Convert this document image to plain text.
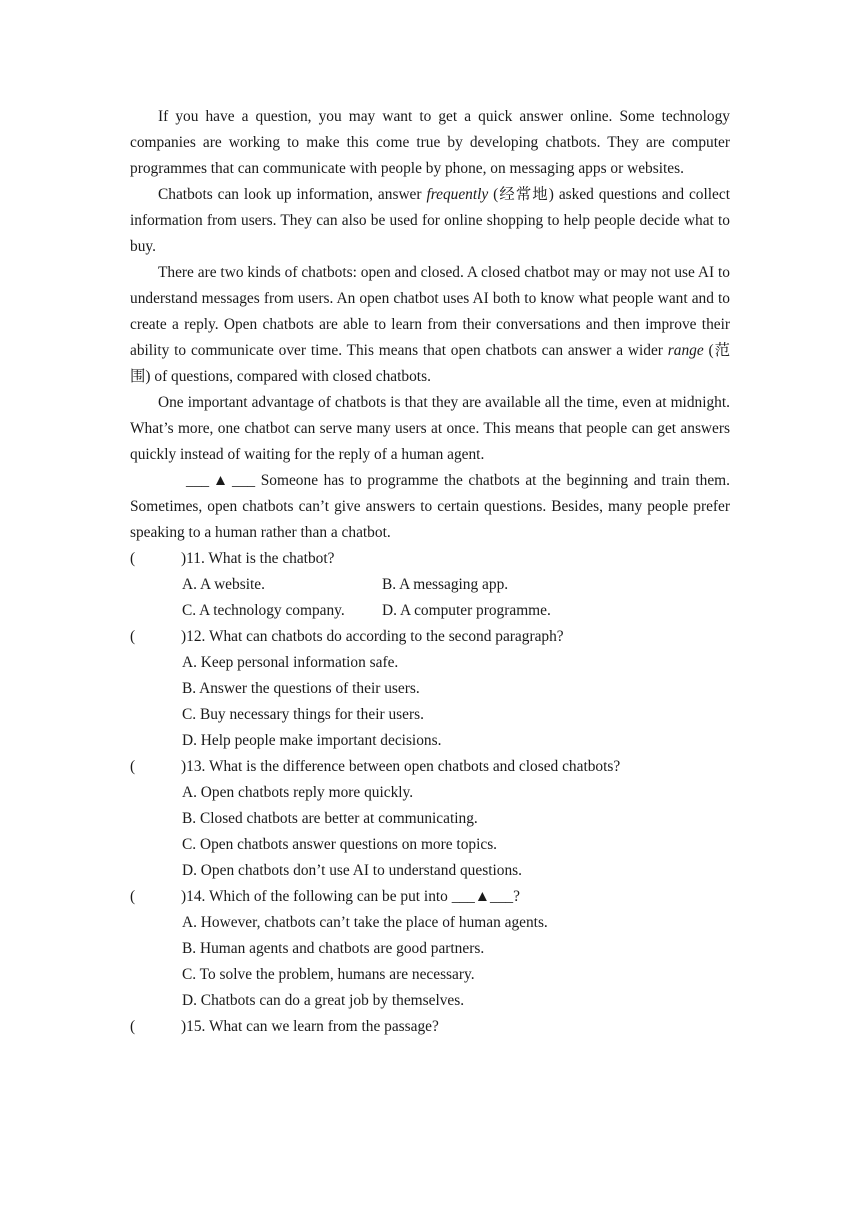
If you have a question, you may want to get a quick answer online. Some technology companies are working to make this come true by developing chatbots. They are computer programmes that can communicate with people by phone, on messaging apps or websites.

Chatbots can look up information, answer frequently (经常地) asked questions and collect information from users. They can also be used for online shopping to help people decide what to buy.

There are two kinds of chatbots: open and closed. A closed chatbot may or may not use AI to understand messages from users. An open chatbot uses AI both to know what people want and to create a reply. Open chatbots are able to learn from their conversations and then improve their ability to communicate over time. This means that open chatbots can answer a wider range (范围) of questions, compared with closed chatbots.

One important advantage of chatbots is that they are available all the time, even at midnight. What’s more, one chatbot can serve many users at once. This means that people can get answers quickly instead of waiting for the reply of a human agent.

___ ▲ ___ Someone has to programme the chatbots at the beginning and train them. Sometimes, open chatbots can’t give answers to certain questions. Besides, many people prefer speaking to a human rather than a chatbot.

(	) 11. What is the chatbot?
A. A website.	B. A messaging app.
C. A technology company.	D. A computer programme.
(	) 12. What can chatbots do according to the second paragraph?
A. Keep personal information safe.
B. Answer the questions of their users.
C. Buy necessary things for their users.
D. Help people make important decisions.
(	) 13. What is the difference between open chatbots and closed chatbots?
A. Open chatbots reply more quickly.
B. Closed chatbots are better at communicating.
C. Open chatbots answer questions on more topics.
D. Open chatbots don’t use AI to understand questions.
(	) 14. Which of the following can be put into ___▲___?
A. However, chatbots can’t take the place of human agents.
B. Human agents and chatbots are good partners.
C. To solve the problem, humans are necessary.
D. Chatbots can do a great job by themselves.
(	) 15. What can we learn from the passage?
